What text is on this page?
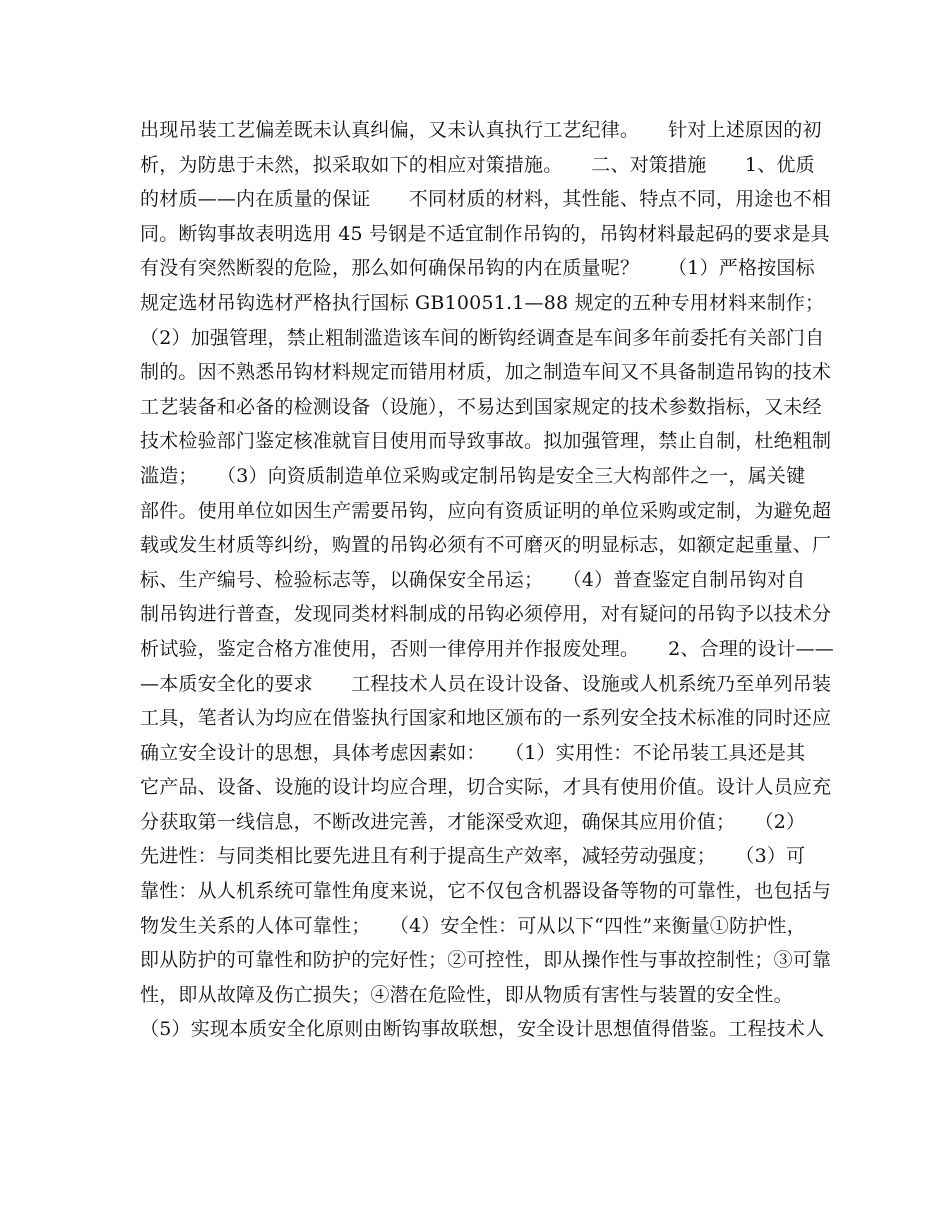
出现吊装工艺偏差既未认真纠偏，又未认真执行工艺纪律。　　针对上述原因的初
析，为防患于未然，拟采取如下的相应对策措施。　　二、对策措施　　1、优质
的材质——内在质量的保证　　不同材质的材料，其性能、特点不同，用途也不相
同。断钩事故表明选用 45 号钢是不适宜制作吊钩的，吊钩材料最起码的要求是具
有没有突然断裂的危险，那么如何确保吊钩的内在质量呢？　　（1）严格按国标
规定选材吊钩选材严格执行国标 GB10051.1—88 规定的五种专用材料来制作；
（2）加强管理，禁止粗制滥造该车间的断钩经调查是车间多年前委托有关部门自
制的。因不熟悉吊钩材料规定而错用材质，加之制造车间又不具备制造吊钩的技术
工艺装备和必备的检测设备（设施），不易达到国家规定的技术参数指标，又未经
技术检验部门鉴定核准就盲目使用而导致事故。拟加强管理，禁止自制，杜绝粗制
滥造；　　（3）向资质制造单位采购或定制吊钩是安全三大构部件之一，属关键
部件。使用单位如因生产需要吊钩，应向有资质证明的单位采购或定制，为避免超
载或发生材质等纠纷，购置的吊钩必须有不可磨灭的明显标志，如额定起重量、厂
标、生产编号、检验标志等，以确保安全吊运；　　（4）普查鉴定自制吊钩对自
制吊钩进行普查，发现同类材料制成的吊钩必须停用，对有疑问的吊钩予以技术分
析试验，鉴定合格方准使用，否则一律停用并作报废处理。　　2、合理的设计——
—本质安全化的要求　　工程技术人员在设计设备、设施或人机系统乃至单列吊装
工具，笔者认为均应在借鉴执行国家和地区颁布的一系列安全技术标准的同时还应
确立安全设计的思想，具体考虑因素如：　　（1）实用性：不论吊装工具还是其
它产品、设备、设施的设计均应合理，切合实际，才具有使用价值。设计人员应充
分获取第一线信息，不断改进完善，才能深受欢迎，确保其应用价值；　　（2）
先进性：与同类相比要先进且有利于提高生产效率，减轻劳动强度；　　（3）可
靠性：从人机系统可靠性角度来说，它不仅包含机器设备等物的可靠性，也包括与
物发生关系的人体可靠性；　　（4）安全性：可从以下“四性”来衡量①防护性，
即从防护的可靠性和防护的完好性；②可控性，即从操作性与事故控制性；③可靠
性，即从故障及伤亡损失；④潜在危险性，即从物质有害性与装置的安全性。
（5）实现本质安全化原则由断钩事故联想，安全设计思想值得借鉴。工程技术人
